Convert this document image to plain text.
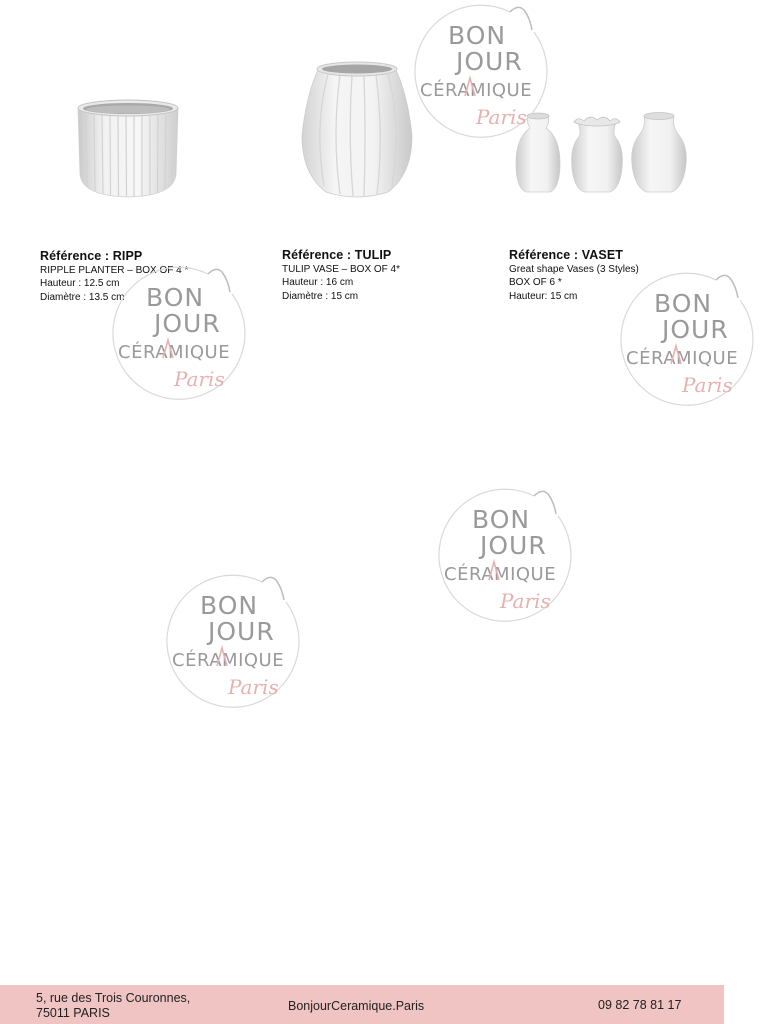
Référence : RIPP
RIPPLE PLANTER – BOX OF 4 *
Hauteur : 12.5 cm
Diamètre : 13.5 cm
Référence : TULIP
TULIP VASE – BOX OF 4*
Hauteur : 16 cm
Diamètre : 15 cm
Référence : VASET
Great shape Vases (3 Styles)
BOX OF 6 *
Hauteur: 15 cm
BON
JOUR
CÉRAMIQUE
Paris
BON
JOUR
CÉRAMIQUE
Paris
BON
JOUR
CÉRAMIQUE
Paris
BON
JOUR
CÉRAMIQUE
Paris
BON
JOUR
CÉRAMIQUE
Paris
5, rue des Trois Couronnes,
75011 PARIS	BonjourCeramique.Paris	09 82 78 81 17
